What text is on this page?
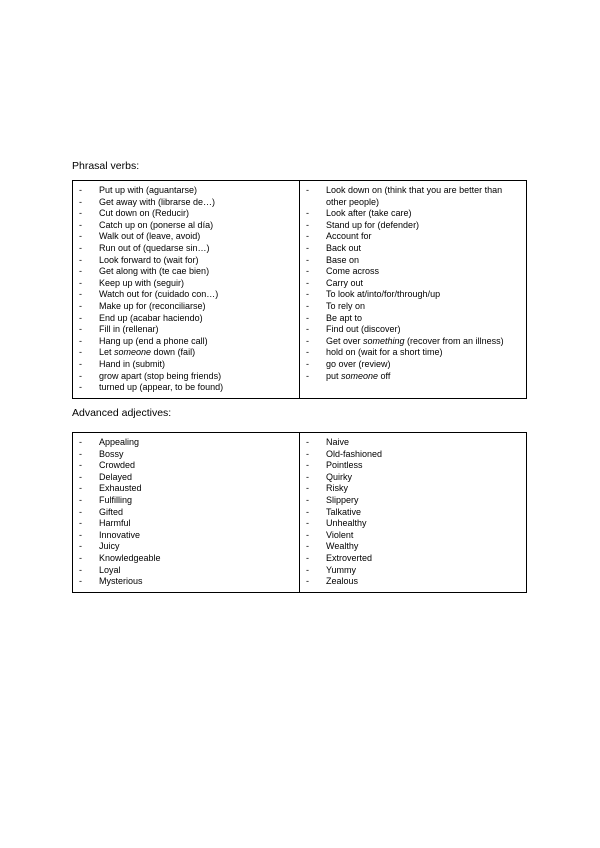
Phrasal verbs:
- Put up with (aguantarse)
- Get away with (librarse de…)
- Cut down on (Reducir)
- Catch up on (ponerse al día)
- Walk out of (leave, avoid)
- Run out of (quedarse sin…)
- Look forward to (wait for)
- Get along with (te cae bien)
- Keep up with (seguir)
- Watch out for (cuidado con…)
- Make up for (reconciliarse)
- End up (acabar haciendo)
- Fill in (rellenar)
- Hang up (end a phone call)
- Let someone down (fail)
- Hand in (submit)
- grow apart (stop being friends)
- turned up (appear, to be found)

- Look down on (think that you are better than other people)
- Look after (take care)
- Stand up for (defender)
- Account for
- Back out
- Base on
- Come across
- Carry out
- To look at/into/for/through/up
- To rely on
- Be apt to
- Find out (discover)
- Get over something (recover from an illness)
- hold on (wait for a short time)
- go over (review)
- put someone off
Advanced adjectives:
- Appealing
- Bossy
- Crowded
- Delayed
- Exhausted
- Fulfilling
- Gifted
- Harmful
- Innovative
- Juicy
- Knowledgeable
- Loyal
- Mysterious

- Naive
- Old-fashioned
- Pointless
- Quirky
- Risky
- Slippery
- Talkative
- Unhealthy
- Violent
- Wealthy
- Extroverted
- Yummy
- Zealous
